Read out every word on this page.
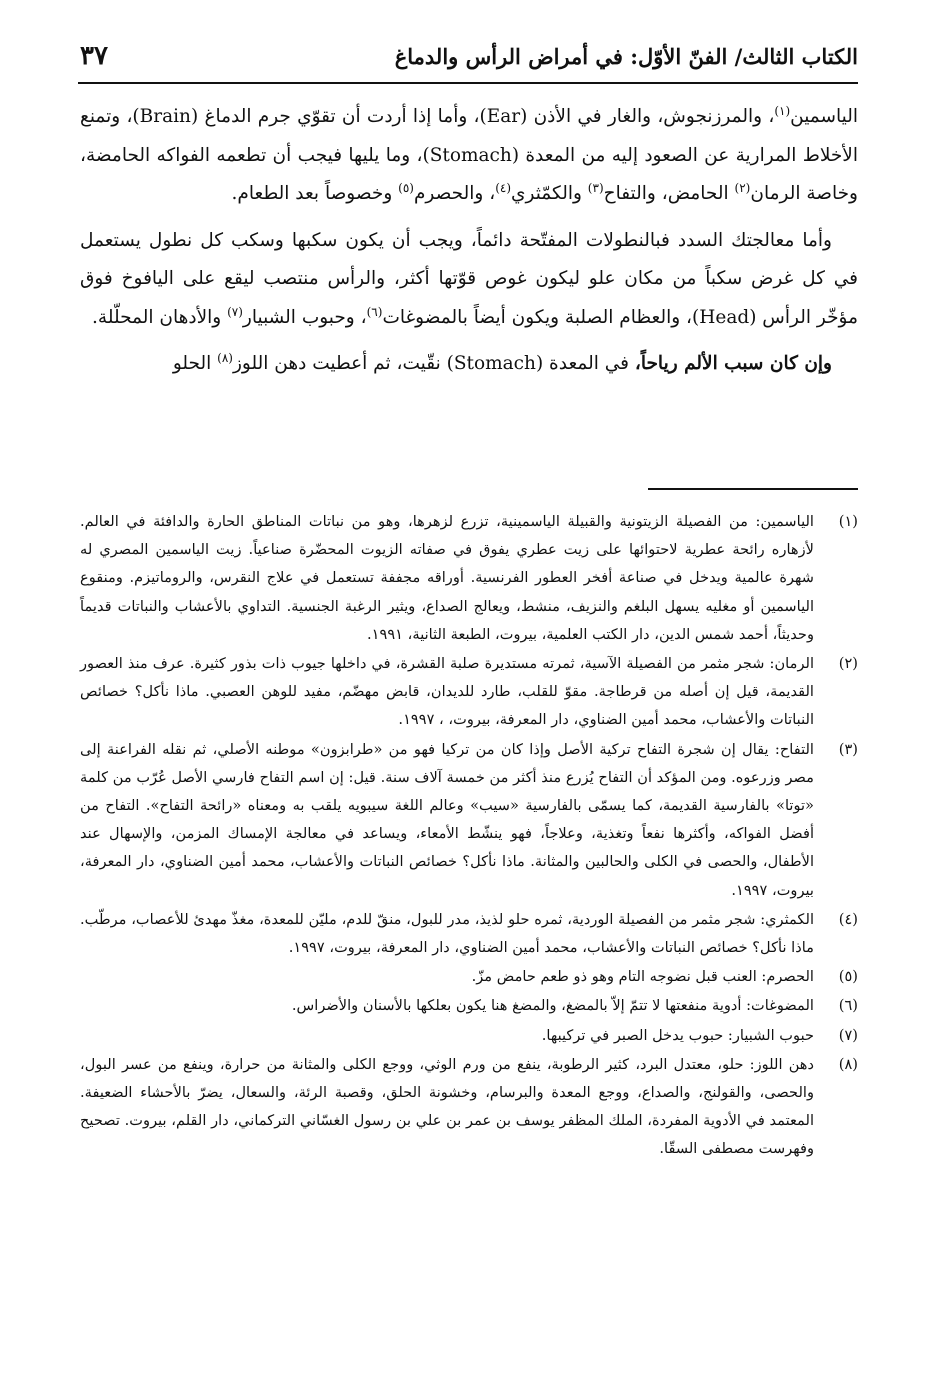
الكتاب الثالث/ الفنّ الأوّل: في أمراض الرأس والدماغ
٣٧

الياسمين$^{(١)}$، والمرزنجوش، والغار في الأذن (Ear)، وأما إذا أردت أن تقوّي جرم الدماغ (Brain)، وتمنع الأخلاط المرارية عن الصعود إليه من المعدة (Stomach)، وما يليها فيجب أن تطعمه الفواكه الحامضة، وخاصة الرمان$^{(٢)}$ الحامض، والتفاح$^{(٣)}$ والكمّثري$^{(٤)}$، والحصرم$^{(٥)}$ وخصوصاً بعد الطعام.

وأما معالجتك السدد فبالنطولات المفتّحة دائماً، ويجب أن يكون سكبها وسكب كل نطول يستعمل في كل غرض سكباً من مكان علو ليكون غوص قوّتها أكثر، والرأس منتصب ليقع على اليافوخ فوق مؤخّر الرأس (Head)، والعظام الصلبة ويكون أيضاً بالمضوغات$^{(٦)}$، وحبوب الشبيار$^{(٧)}$ والأدهان المحلّلة.

وإن كان سبب الألم رياحاً، في المعدة (Stomach) نقّيت، ثم أعطيت دهن اللوز$^{(٨)}$ الحلو

(١)
الياسمين: من الفصيلة الزيتونية والقبيلة الياسمينية، تزرع لزهرها، وهو من نباتات المناطق الحارة والدافئة في العالم. لأزهاره رائحة عطرية لاحتوائها على زيت عطري يفوق في صفاته الزيوت المحضّرة صناعياً. زيت الياسمين المصري له شهرة عالمية ويدخل في صناعة أفخر العطور الفرنسية. أوراقه مجففة تستعمل في علاج النقرس، والروماتيزم. ومنقوع الياسمين أو مغليه يسهل البلغم والنزيف، منشط، ويعالج الصداع، ويثير الرغبة الجنسية. التداوي بالأعشاب والنباتات قديماً وحديثاً، أحمد شمس الدين، دار الكتب العلمية، بيروت، الطبعة الثانية، ١٩٩١.
(٢)
الرمان: شجر مثمر من الفصيلة الآسية، ثمرته مستديرة صلبة القشرة، في داخلها جيوب ذات بذور كثيرة. عرف منذ العصور القديمة، قيل إن أصله من قرطاجة. مقوّ للقلب، طارد للديدان، قابض مهضّم، مفيد للوهن العصبي. ماذا نأكل؟ خصائص النباتات والأعشاب، محمد أمين الضناوي، دار المعرفة، بيروت، ، ١٩٩٧.
(٣)
التفاح: يقال إن شجرة التفاح تركية الأصل وإذا كان من تركيا فهو من «طرابزون» موطنه الأصلي، ثم نقله الفراعنة إلى مصر وزرعوه. ومن المؤكد أن التفاح يُزرع منذ أكثر من خمسة آلاف سنة. قيل: إن اسم التفاح فارسي الأصل عُرّب من كلمة «توتا» بالفارسية القديمة، كما يسمّى بالفارسية «سيب» وعالم اللغة سيبويه يلقب به ومعناه «رائحة التفاح». التفاح من أفضل الفواكه، وأكثرها نفعاً وتغذية، وعلاجاً، فهو ينشّط الأمعاء، ويساعد في معالجة الإمساك المزمن، والإسهال عند الأطفال، والحصى في الكلى والحالبين والمثانة. ماذا نأكل؟ خصائص النباتات والأعشاب، محمد أمين الضناوي، دار المعرفة، بيروت، ١٩٩٧.
(٤)
الكمثري: شجر مثمر من الفصيلة الوردية، ثمره حلو لذيذ، مدر للبول، منقّ للدم، مليّن للمعدة، مغذّ مهدئ للأعصاب، مرطّب. ماذا نأكل؟ خصائص النباتات والأعشاب، محمد أمين الضناوي، دار المعرفة، بيروت، ١٩٩٧.
(٥)
الحصرم: العنب قبل نضوجه التام وهو ذو طعم حامض مزّ.
(٦)
المضوغات: أدوية منفعتها لا تتمّ إلاّ بالمضغ، والمضغ هنا يكون بعلكها بالأسنان والأضراس.
(٧)
حبوب الشبيار: حبوب يدخل الصبر في تركيبها.
(٨)
دهن اللوز: حلو، معتدل البرد، كثير الرطوبة، ينفع من ورم الوثي، ووجع الكلى والمثانة من حرارة، وينفع من عسر البول، والحصى، والقولنج، والصداع، ووجع المعدة والبرسام، وخشونة الحلق، وقصبة الرئة، والسعال، يضرّ بالأحشاء الضعيفة. المعتمد في الأدوية المفردة، الملك المظفر يوسف بن عمر بن علي بن رسول الغسّاني التركماني، دار القلم، بيروت. تصحيح وفهرست مصطفى السقّا.
